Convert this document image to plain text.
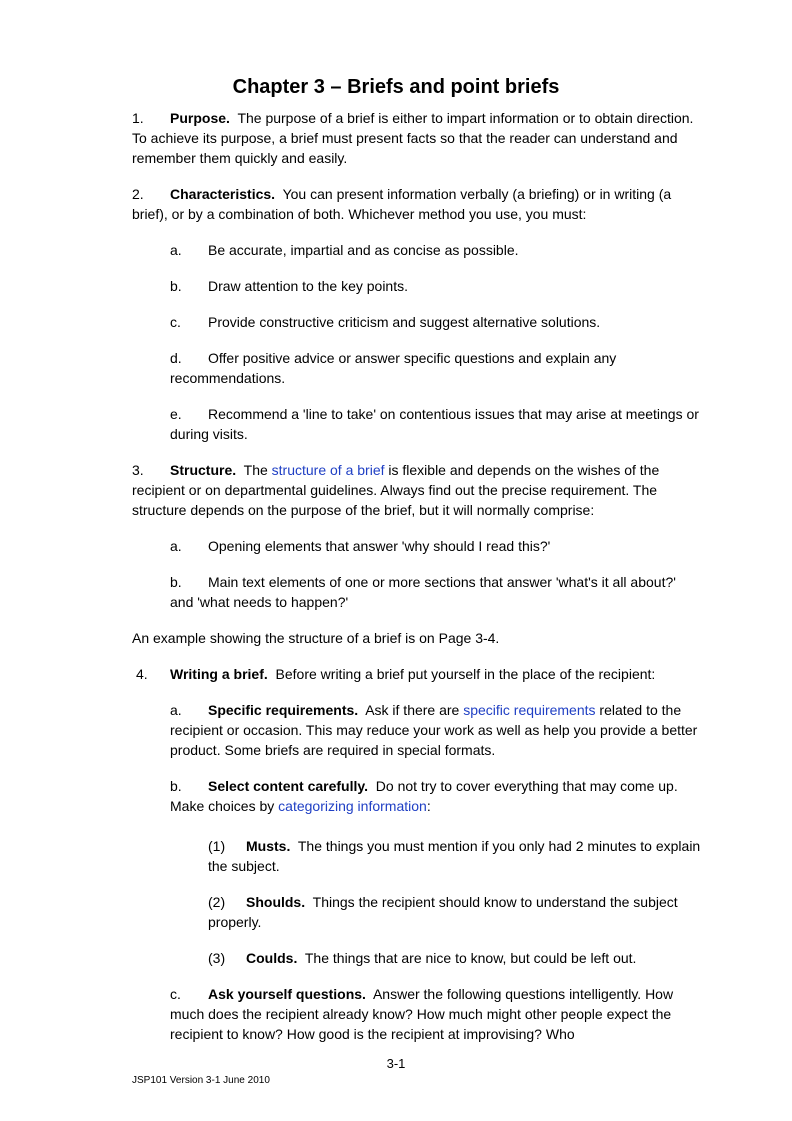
Chapter 3 – Briefs and point briefs

1. Purpose. The purpose of a brief is either to impart information or to obtain direction. To achieve its purpose, a brief must present facts so that the reader can understand and remember them quickly and easily.

2. Characteristics. You can present information verbally (a briefing) or in writing (a brief), or by a combination of both. Whichever method you use, you must:

a. Be accurate, impartial and as concise as possible.

b. Draw attention to the key points.

c. Provide constructive criticism and suggest alternative solutions.

d. Offer positive advice or answer specific questions and explain any recommendations.

e. Recommend a 'line to take' on contentious issues that may arise at meetings or during visits.

3. Structure. The structure of a brief is flexible and depends on the wishes of the recipient or on departmental guidelines. Always find out the precise requirement. The structure depends on the purpose of the brief, but it will normally comprise:

a. Opening elements that answer 'why should I read this?'

b. Main text elements of one or more sections that answer 'what's it all about?' and 'what needs to happen?'

An example showing the structure of a brief is on Page 3-4.

4. Writing a brief. Before writing a brief put yourself in the place of the recipient:

a. Specific requirements. Ask if there are specific requirements related to the recipient or occasion. This may reduce your work as well as help you provide a better product. Some briefs are required in special formats.

b. Select content carefully. Do not try to cover everything that may come up. Make choices by categorizing information:

(1) Musts. The things you must mention if you only had 2 minutes to explain the subject.

(2) Shoulds. Things the recipient should know to understand the subject properly.

(3) Coulds. The things that are nice to know, but could be left out.

c. Ask yourself questions. Answer the following questions intelligently. How much does the recipient already know? How much might other people expect the recipient to know? How good is the recipient at improvising? Who

3-1

JSP101 Version 3-1 June 2010
